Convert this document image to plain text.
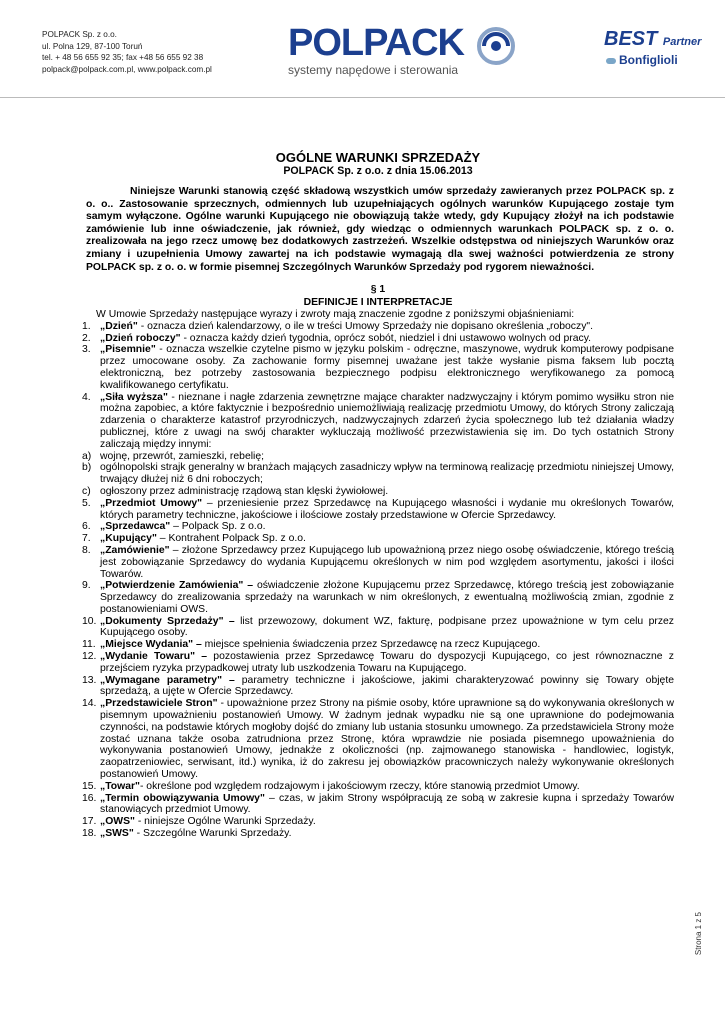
POLPACK Sp. z o.o.
ul. Polna 129, 87-100 Toruń
tel. + 48 56 655 92 35; fax +48 56 655 92 38
polpack@polpack.com.pl, www.polpack.com.pl
POLPACK
systemy napędowe i sterowania
BEST Partner
Bonfiglioli
OGÓLNE WARUNKI SPRZEDAŻY
POLPACK Sp. z o.o. z dnia 15.06.2013
Niniejsze Warunki stanowią część składową wszystkich umów sprzedaży zawieranych przez POLPACK sp. z o. o.. Zastosowanie sprzecznych, odmiennych lub uzupełniających ogólnych warunków Kupującego zostaje tym samym wyłączone. Ogólne warunki Kupującego nie obowiązują także wtedy, gdy Kupujący złożył na ich podstawie zamówienie lub inne oświadczenie, jak również, gdy wiedząc o odmiennych warunkach POLPACK sp. z o. o. zrealizowała na jego rzecz umowę bez dodatkowych zastrzeżeń. Wszelkie odstępstwa od niniejszych Warunków oraz zmiany i uzupełnienia Umowy zawartej na ich podstawie wymagają dla swej ważności potwierdzenia ze strony POLPACK sp. z o. o. w formie pisemnej Szczególnych Warunków Sprzedaży pod rygorem nieważności.
§ 1
DEFINICJE I INTERPRETACJE
W Umowie Sprzedaży następujące wyrazy i zwroty mają znaczenie zgodne z poniższymi objaśnieniami:
1. „Dzień" - oznacza dzień kalendarzowy, o ile w treści Umowy Sprzedaży nie dopisano określenia „roboczy".
2. „Dzień roboczy" - oznacza każdy dzień tygodnia, oprócz sobót, niedziel i dni ustawowo wolnych od pracy.
3. „Pisemnie" - oznacza wszelkie czytelne pismo w języku polskim - odręczne, maszynowe, wydruk komputerowy podpisane przez umocowane osoby. Za zachowanie formy pisemnej uważane jest także wysłanie pisma faksem lub pocztą elektroniczną, bez potrzeby zastosowania bezpiecznego podpisu elektronicznego weryfikowanego za pomocą kwalifikowanego certyfikatu.
4. „Siła wyższa" - nieznane i nagłe zdarzenia zewnętrzne mające charakter nadzwyczajny i którym pomimo wysiłku stron nie można zapobiec, a które faktycznie i bezpośrednio uniemożliwiają realizację przedmiotu Umowy, do których Strony zaliczają zdarzenia o charakterze katastrof przyrodniczych, nadzwyczajnych zdarzeń życia społecznego lub też działania władzy publicznej, które z uwagi na swój charakter wykluczają możliwość przezwistawienia się im. Do tych ostatnich Strony zaliczają między innymi:
a) wojnę, przewrót, zamieszki, rebelię;
b) ogólnopolski strajk generalny w branżach mających zasadniczy wpływ na terminową realizację przedmiotu niniejszej Umowy, trwający dłużej niż 6 dni roboczych;
c) ogłoszony przez administrację rządową stan klęski żywiołowej.
5. „Przedmiot Umowy" – przeniesienie przez Sprzedawcę na Kupującego własności i wydanie mu określonych Towarów, których parametry techniczne, jakościowe i ilościowe zostały przedstawione w Ofercie Sprzedawcy.
6. „Sprzedawca" – Polpack Sp. z o.o.
7. „Kupujący" – Kontrahent Polpack Sp. z o.o.
8. „Zamówienie" – złożone Sprzedawcy przez Kupującego lub upoważnioną przez niego osobę oświadczenie, którego treścią jest zobowiązanie Sprzedawcy do wydania Kupującemu określonych w nim pod względem asortymentu, jakości i ilości Towarów.
9. „Potwierdzenie Zamówienia" – oświadczenie złożone Kupującemu przez Sprzedawcę, którego treścią jest zobowiązanie Sprzedawcy do zrealizowania sprzedaży na warunkach w nim określonych, z ewentualną możliwością zmian, zgodnie z postanowieniami OWS.
10. „Dokumenty Sprzedaży" – list przewozowy, dokument WZ, fakturę, podpisane przez upoważnione w tym celu przez Kupującego osoby.
11. „Miejsce Wydania" – miejsce spełnienia świadczenia przez Sprzedawcę na rzecz Kupującego.
12. „Wydanie Towaru" – pozostawienia przez Sprzedawcę Towaru do dyspozycji Kupującego, co jest równoznaczne z przejściem ryzyka przypadkowej utraty lub uszkodzenia Towaru na Kupującego.
13. „Wymagane parametry" – parametry techniczne i jakościowe, jakimi charakteryzować powinny się Towary objęte sprzedażą, a ujęte w Ofercie Sprzedawcy.
14. „Przedstawiciele Stron" - upoważnione przez Strony na piśmie osoby, które uprawnione są do wykonywania określonych w pisemnym upoważnieniu postanowień Umowy. W żadnym jednak wypadku nie są one uprawnione do podejmowania czynności, na podstawie których mogłoby dojść do zmiany lub ustania stosunku umownego. Za przedstawiciela Strony może zostać uznana także osoba zatrudniona przez Stronę, która wprawdzie nie posiada pisemnego upoważnienia do wykonywania postanowień Umowy, jednakże z okoliczności (np. zajmowanego stanowiska - handlowiec, logistyk, zaopatrzeniowiec, serwisant, itd.) wynika, iż do zakresu jej obowiązków pracowniczych należy wykonywanie określonych postanowień Umowy.
15. „Towar"- określone pod względem rodzajowym i jakościowym rzeczy, które stanowią przedmiot Umowy.
16. „Termin obowiązywania Umowy" – czas, w jakim Strony współpracują ze sobą w zakresie kupna i sprzedaży Towarów stanowiących przedmiot Umowy.
17. „OWS" - niniejsze Ogólne Warunki Sprzedaży.
18. „SWS" - Szczególne Warunki Sprzedaży.
Strona 1 z 5
